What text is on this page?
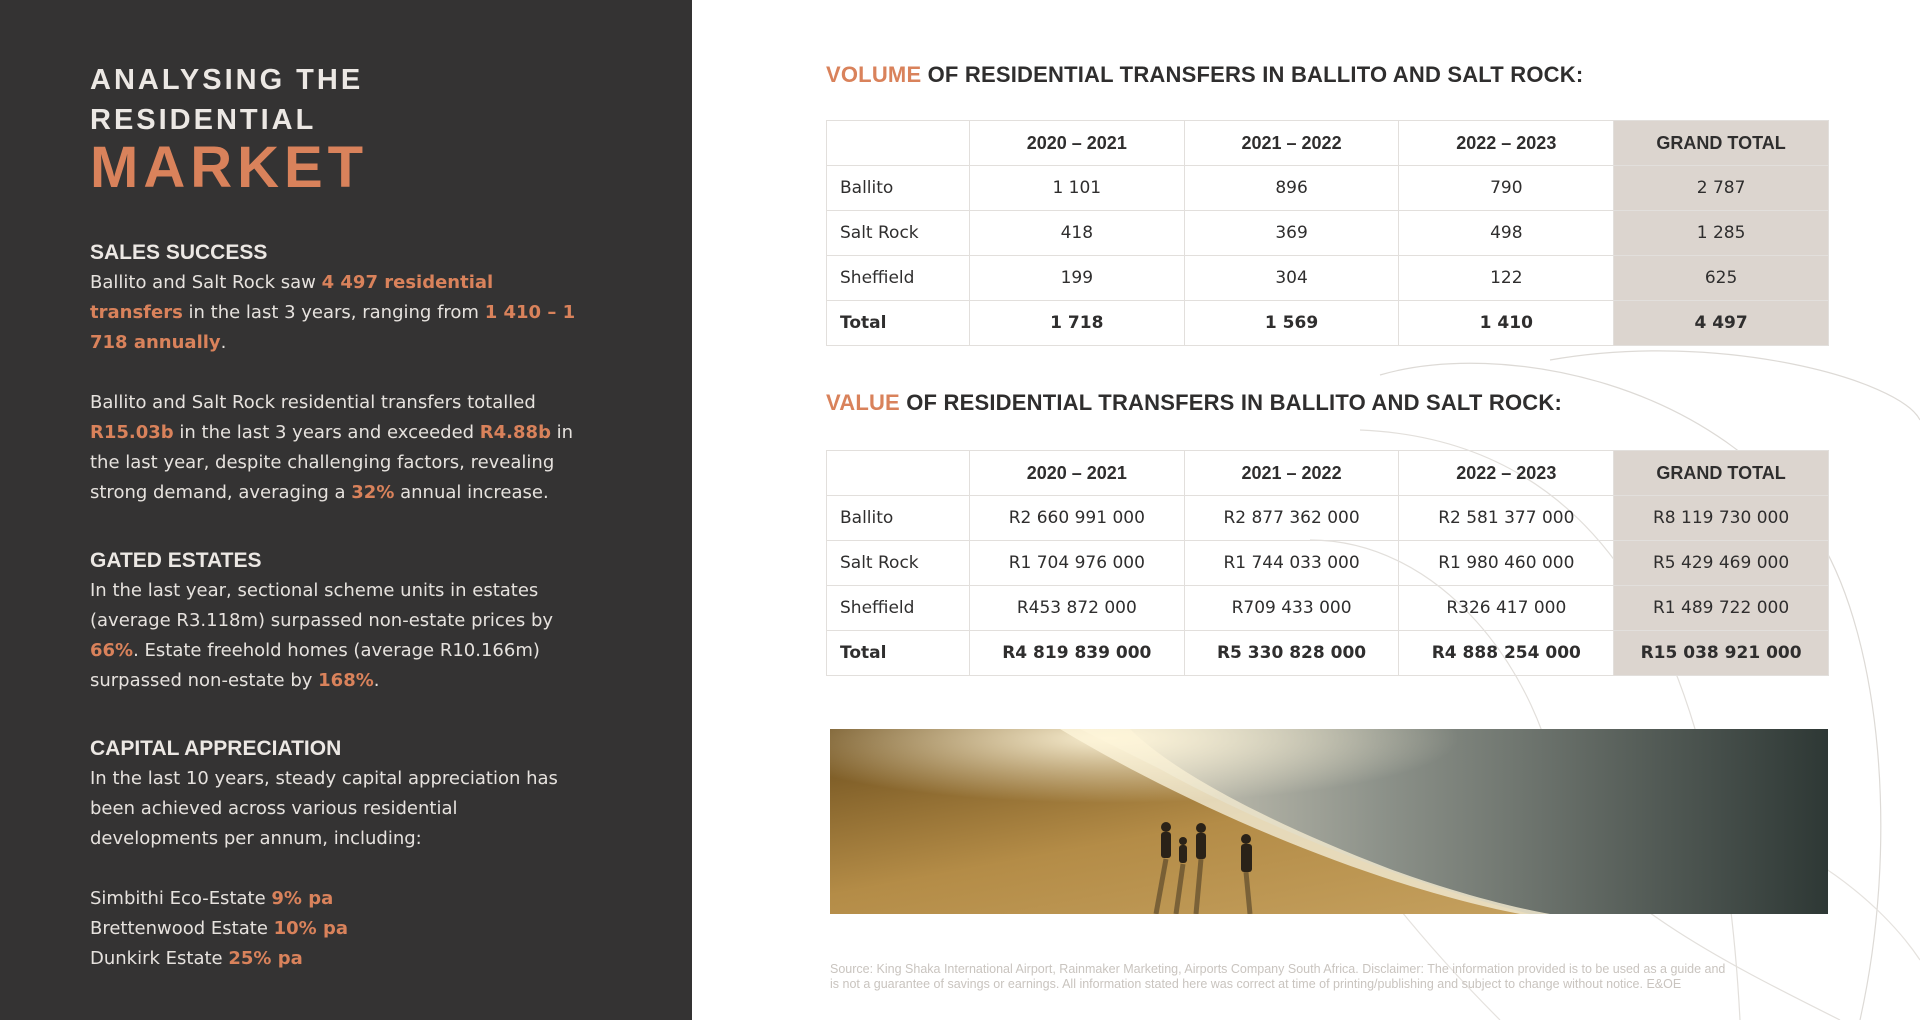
ANALYSING THE RESIDENTIAL
MARKET
SALES SUCCESS

Ballito and Salt Rock saw 4 497 residential transfers in the last 3 years, ranging from 1 410 – 1 718 annually.

Ballito and Salt Rock residential transfers totalled R15.03b in the last 3 years and exceeded R4.88b in the last year, despite challenging factors, revealing strong demand, averaging a 32% annual increase.

GATED ESTATES

In the last year, sectional scheme units in estates (average R3.118m) surpassed non-estate prices by 66%. Estate freehold homes (average R10.166m) surpassed non-estate by 168%.

CAPITAL APPRECIATION

In the last 10 years, steady capital appreciation has been achieved across various residential developments per annum, including:

Simbithi Eco-Estate 9% pa
Brettenwood Estate 10% pa
Dunkirk Estate 25% pa
VOLUME OF RESIDENTIAL TRANSFERS IN BALLITO AND SALT ROCK:
	2020 – 2021	2021 – 2022	2022 – 2023	GRAND TOTAL
Ballito	1 101	896	790	2 787
Salt Rock	418	369	498	1 285
Sheffield	199	304	122	625
Total	1 718	1 569	1 410	4 497
VALUE OF RESIDENTIAL TRANSFERS IN BALLITO AND SALT ROCK:
	2020 – 2021	2021 – 2022	2022 – 2023	GRAND TOTAL
Ballito	R2 660 991 000	R2 877 362 000	R2 581 377 000	R8 119 730 000
Salt Rock	R1 704 976 000	R1 744 033 000	R1 980 460 000	R5 429 469 000
Sheffield	R453 872 000	R709 433 000	R326 417 000	R1 489 722 000
Total	R4 819 839 000	R5 330 828 000	R4 888 254 000	R15 038 921 000
Source: King Shaka International Airport, Rainmaker Marketing, Airports Company South Africa. Disclaimer: The information provided is to be used as a guide and is not a guarantee of savings or earnings. All information stated here was correct at time of printing/publishing and subject to change without notice. E&OE
